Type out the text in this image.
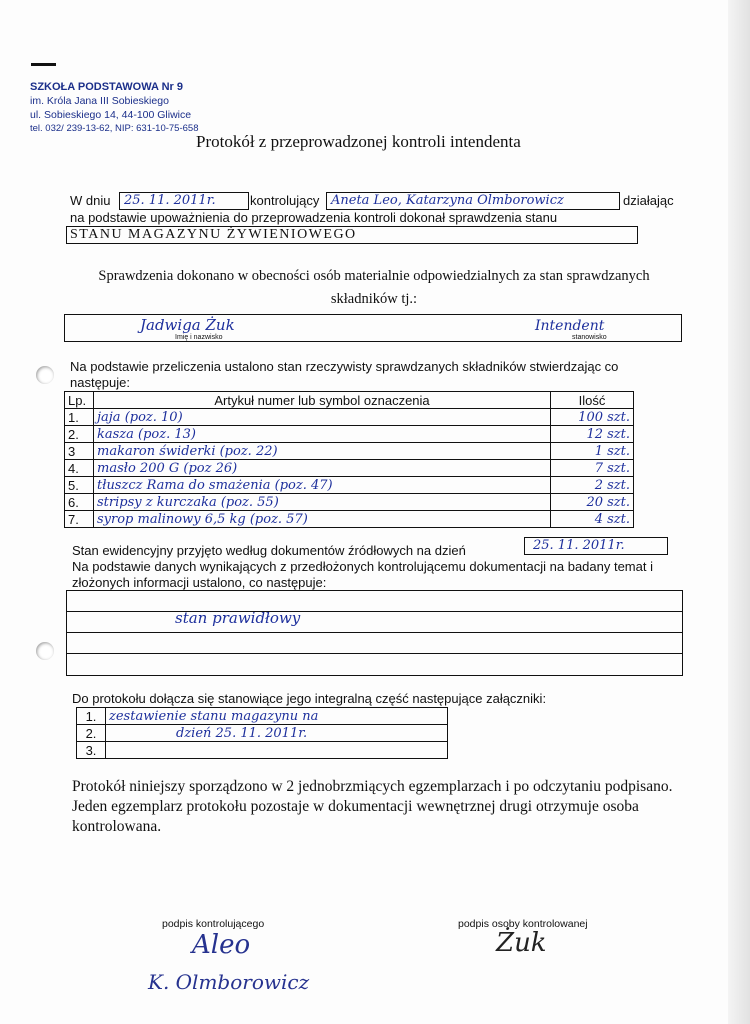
SZKOŁA PODSTAWOWA Nr 9
im. Króla Jana III Sobieskiego
ul. Sobieskiego 14, 44-100 Gliwice
tel. 032/ 239-13-62, NIP: 631-10-75-658
Protokół z przeprowadzonej kontroli intendenta
W dniu	25. 11. 2011r.	kontrolujący Aneta Leo, Katarzyna Olmborowicz	działając
na podstawie upoważnienia do przeprowadzenia kontroli dokonał sprawdzenia stanu
STANU MAGAZYNU ŻYWIENIOWEGO
Sprawdzenia dokonano w obecności osób materialnie odpowiedzialnych za stan sprawdzanych składników tj.:
Jadwiga Żuk
Imię i nazwisko
Intendent
stanowisko
Na podstawie przeliczenia ustalono stan rzeczywisty sprawdzanych składników stwierdzając co następuje:
Lp.	Artykuł numer lub symbol oznaczenia	Ilość
1.	jaja (poz. 10)	100 szt.
2.	kasza (poz. 13)	12 szt.
3	makaron świderki (poz. 22)	1 szt.
4.	masło 200 G (poz 26)	7 szt.
5.	tłuszcz Rama do smażenia (poz. 47)	2 szt.
6.	stripsy z kurczaka (poz. 55)	20 szt.
7.	syrop malinowy 6,5 kg (poz. 57)	4 szt.
Stan ewidencyjny przyjęto według dokumentów źródłowych na dzień	25. 11. 2011r.
Na podstawie danych wynikających z przedłożonych kontrolującemu dokumentacji na badany temat i złożonych informacji ustalono, co następuje:
stan prawidłowy
Do protokołu dołącza się stanowiące jego integralną część następujące załączniki:
1.	zestawienie stanu magazynu na
2.	dzień 25. 11. 2011r.
3.	
Protokół niniejszy sporządzono w 2 jednobrzmiących egzemplarzach i po odczytaniu podpisano. Jeden egzemplarz protokołu pozostaje w dokumentacji wewnętrznej drugi otrzymuje osoba kontrolowana.
podpis kontrolującego
Aleo
K. Olmborowicz
podpis osoby kontrolowanej
Żuk
